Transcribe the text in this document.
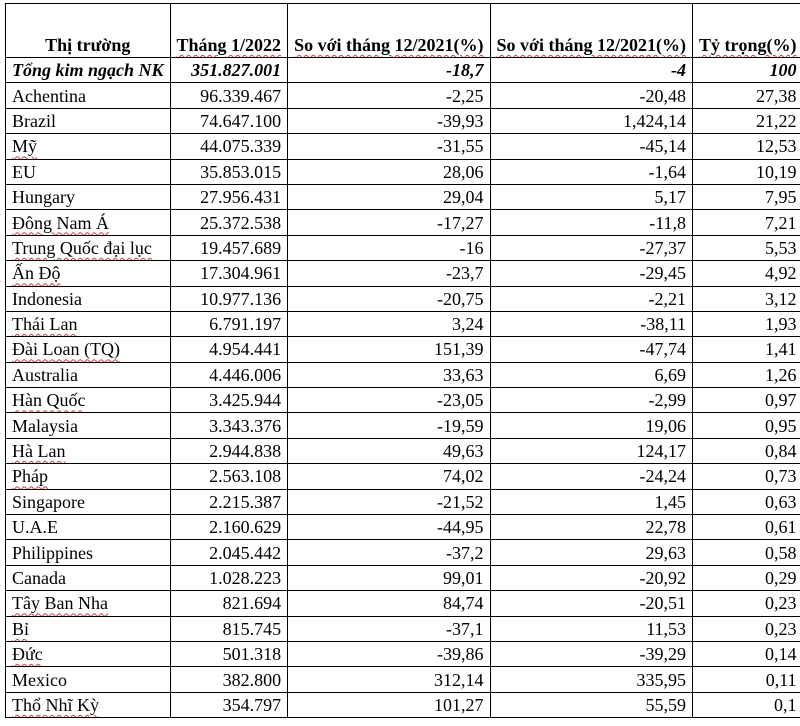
Thị trường	Tháng 1/2022	So với tháng 12/2021(%)	So với tháng 12/2021(%)	Tỷ trọng(%)
Tổng kim ngạch NK	351.827.001	-18,7	-4	100
Achentina	96.339.467	-2,25	-20,48	27,38
Brazil	74.647.100	-39,93	1,424,14	21,22
Mỹ	44.075.339	-31,55	-45,14	12,53
EU	35.853.015	28,06	-1,64	10,19
Hungary	27.956.431	29,04	5,17	7,95
Đông Nam Á	25.372.538	-17,27	-11,8	7,21
Trung Quốc đại lục	19.457.689	-16	-27,37	5,53
Ấn Độ	17.304.961	-23,7	-29,45	4,92
Indonesia	10.977.136	-20,75	-2,21	3,12
Thái Lan	6.791.197	3,24	-38,11	1,93
Đài Loan (TQ)	4.954.441	151,39	-47,74	1,41
Australia	4.446.006	33,63	6,69	1,26
Hàn Quốc	3.425.944	-23,05	-2,99	0,97
Malaysia	3.343.376	-19,59	19,06	0,95
Hà Lan	2.944.838	49,63	124,17	0,84
Pháp	2.563.108	74,02	-24,24	0,73
Singapore	2.215.387	-21,52	1,45	0,63
U.A.E	2.160.629	-44,95	22,78	0,61
Philippines	2.045.442	-37,2	29,63	0,58
Canada	1.028.223	99,01	-20,92	0,29
Tây Ban Nha	821.694	84,74	-20,51	0,23
Bỉ	815.745	-37,1	11,53	0,23
Đức	501.318	-39,86	-39,29	0,14
Mexico	382.800	312,14	335,95	0,11
Thổ Nhĩ Kỳ	354.797	101,27	55,59	0,1
